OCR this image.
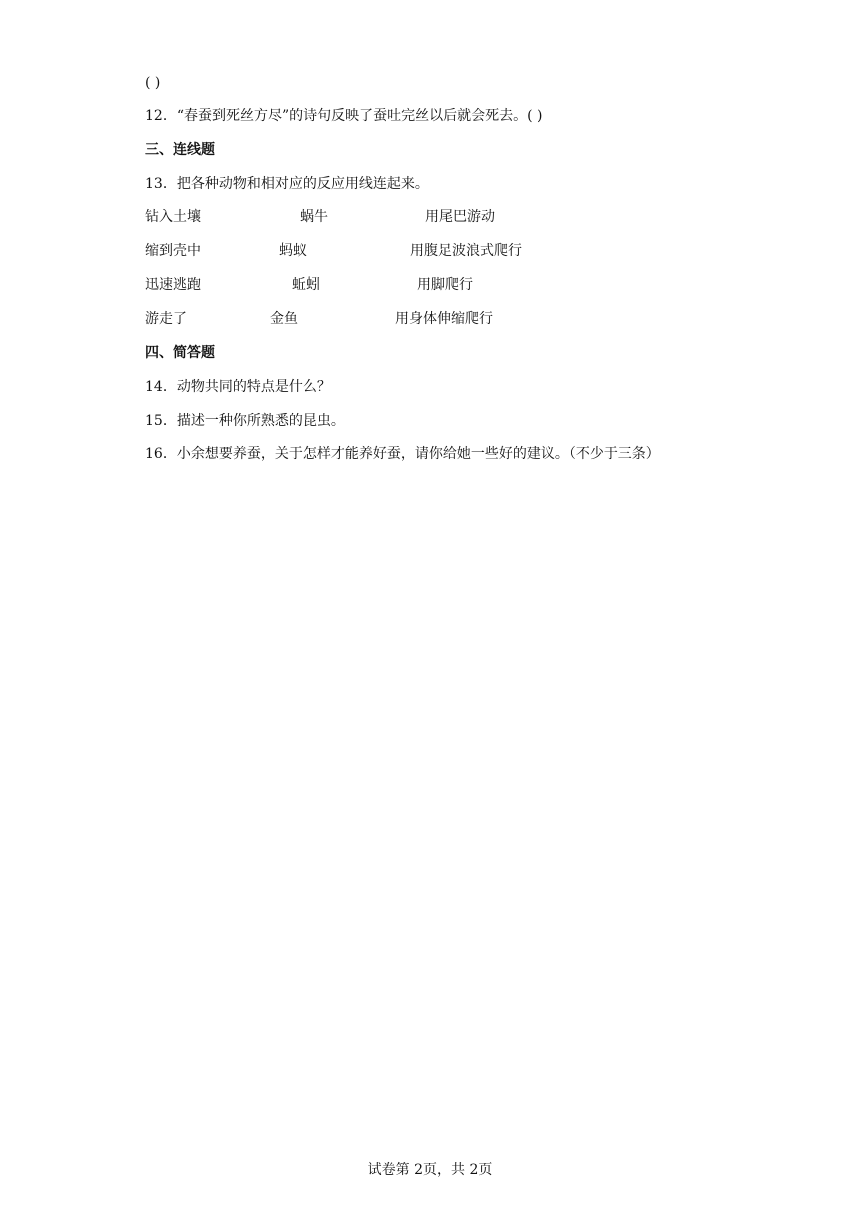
( )
12．“春蚕到死丝方尽”的诗句反映了蚕吐完丝以后就会死去。( )
三、连线题
13．把各种动物和相对应的反应用线连起来。
钻入土壤	蜗牛	用尾巴游动
缩到壳中	蚂蚁	用腹足波浪式爬行
迅速逃跑	蚯蚓	用脚爬行
游走了	金鱼	用身体伸缩爬行
四、简答题
14．动物共同的特点是什么？
15．描述一种你所熟悉的昆虫。
16．小余想要养蚕，关于怎样才能养好蚕，请你给她一些好的建议。（不少于三条）
试卷第 2页，共 2页
